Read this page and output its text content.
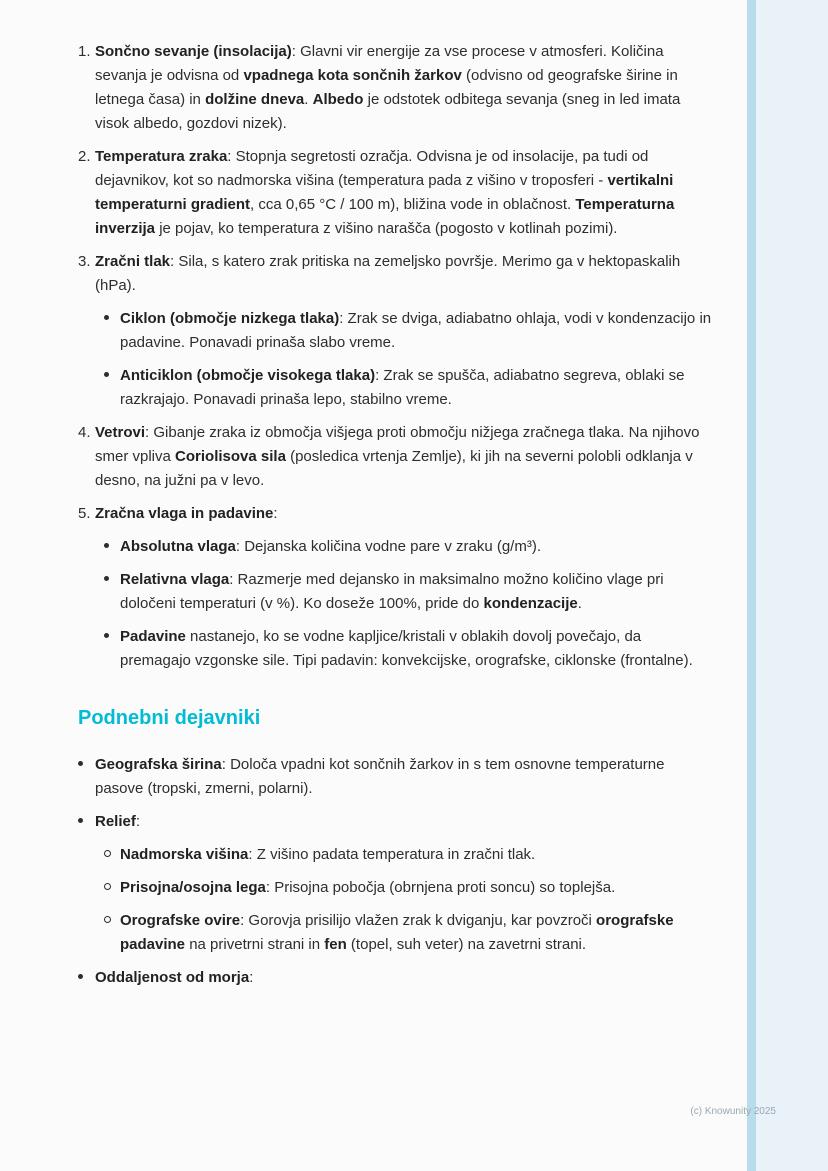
1. Sončno sevanje (insolacija): Glavni vir energije za vse procese v atmosferi. Količina sevanja je odvisna od vpadnega kota sončnih žarkov (odvisno od geografske širine in letnega časa) in dolžine dneva. Albedo je odstotek odbitega sevanja (sneg in led imata visok albedo, gozdovi nizek).
2. Temperatura zraka: Stopnja segretosti ozračja. Odvisna je od insolacije, pa tudi od dejavnikov, kot so nadmorska višina (temperatura pada z višino v troposferi - vertikalni temperaturni gradient, cca 0,65 °C / 100 m), bližina vode in oblačnost. Temperaturna inverzija je pojav, ko temperatura z višino narašča (pogosto v kotlinah pozimi).
3. Zračni tlak: Sila, s katero zrak pritiska na zemeljsko površje. Merimo ga v hektopaskalih (hPa).
Ciklon (območje nizkega tlaka): Zrak se dviga, adiabatno ohlaja, vodi v kondenzacijo in padavine. Ponavadi prinaša slabo vreme.
Anticiklon (območje visokega tlaka): Zrak se spušča, adiabatno segreva, oblaki se razkrajajo. Ponavadi prinaša lepo, stabilno vreme.
4. Vetrovi: Gibanje zraka iz območja višjega proti območju nižjega zračnega tlaka. Na njihovo smer vpliva Coriolisova sila (posledica vrtenja Zemlje), ki jih na severni polobli odklanja v desno, na južni pa v levo.
5. Zračna vlaga in padavine:
Absolutna vlaga: Dejanska količina vodne pare v zraku (g/m³).
Relativna vlaga: Razmerje med dejansko in maksimalno možno količino vlage pri določeni temperaturi (v %). Ko doseže 100%, pride do kondenzacije.
Padavine nastanejo, ko se vodne kapljice/kristali v oblakih dovolj povečajo, da premagajo vzgonske sile. Tipi padavin: konvekcijske, orografske, ciklonske (frontalne).
Podnebni dejavniki
Geografska širina: Določa vpadni kot sončnih žarkov in s tem osnovne temperaturne pasove (tropski, zmerni, polarni).
Relief:
Nadmorska višina: Z višino padata temperatura in zračni tlak.
Prisojna/osojna lega: Prisojna pobočja (obrnjena proti soncu) so toplejša.
Orografske ovire: Gorovja prisilijo vlažen zrak k dviganju, kar povzroči orografske padavine na privetrni strani in fen (topel, suh veter) na zavetrni strani.
Oddaljenost od morja:
(c) Knowunity 2025
